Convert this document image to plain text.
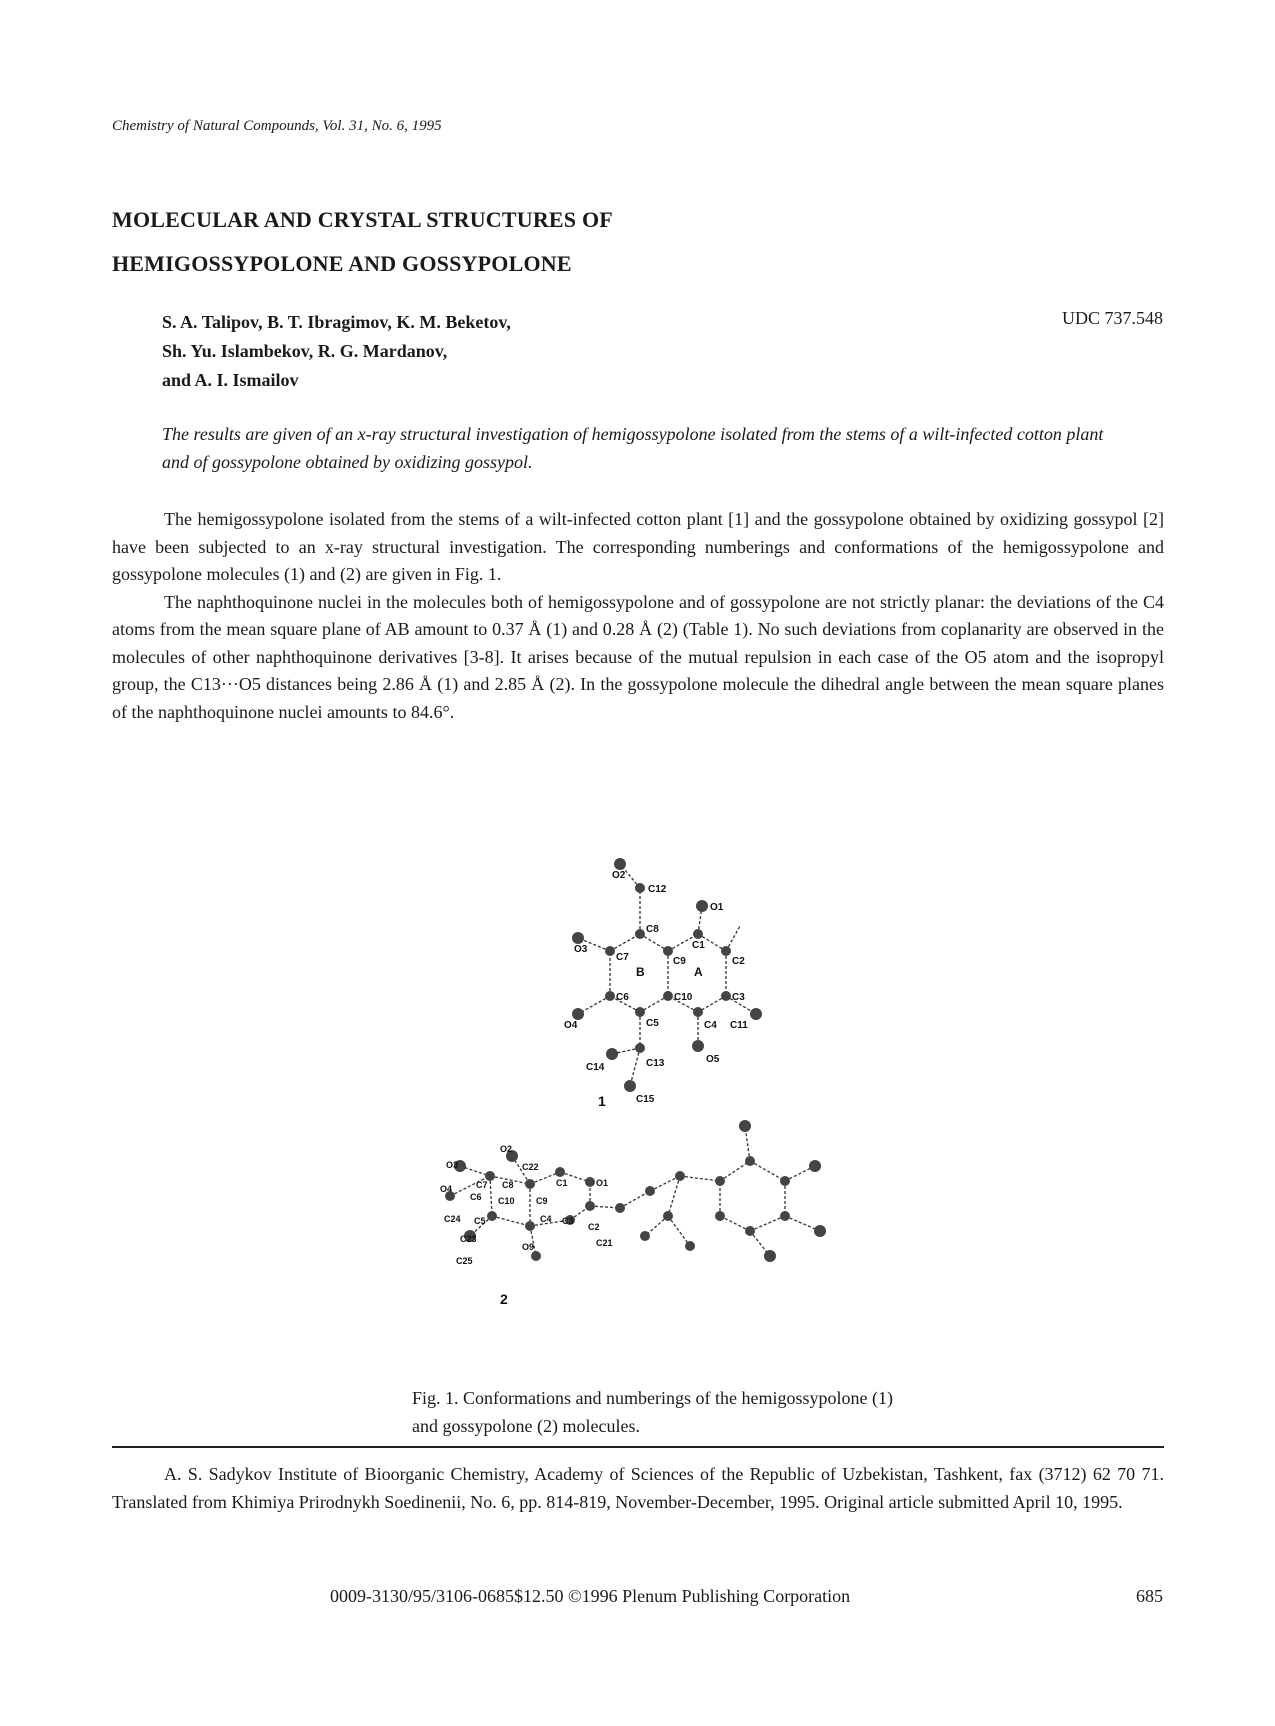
Chemistry of Natural Compounds, Vol. 31, No. 6, 1995
MOLECULAR AND CRYSTAL STRUCTURES OF
HEMIGOSSYPOLONE AND GOSSYPOLONE
S. A. Talipov, B. T. Ibragimov, K. M. Beketov,
Sh. Yu. Islambekov, R. G. Mardanov,
and A. I. Ismailov
UDC 737.548
The results are given of an x-ray structural investigation of hemigossypolone isolated from the stems of a wilt-infected cotton plant and of gossypolone obtained by oxidizing gossypol.

The hemigossypolone isolated from the stems of a wilt-infected cotton plant [1] and the gossypolone obtained by oxidizing gossypol [2] have been subjected to an x-ray structural investigation. The corresponding numberings and conformations of the hemigossypolone and gossypolone molecules (1) and (2) are given in Fig. 1.

The naphthoquinone nuclei in the molecules both of hemigossypolone and of gossypolone are not strictly planar: the deviations of the C4 atoms from the mean square plane of AB amount to 0.37 Å (1) and 0.28 Å (2) (Table 1). No such deviations from coplanarity are observed in the molecules of other naphthoquinone derivatives [3-8]. It arises because of the mutual repulsion in each case of the O5 atom and the isopropyl group, the C13···O5 distances being 2.86 Å (1) and 2.85 Å (2). In the gossypolone molecule the dihedral angle between the mean square planes of the naphthoquinone nuclei amounts to 84.6°.

O2
C12
O1
C8
C1
O3
C7	C9	C2
B	A
C6	C10	C3
O4	C5	C4 C11
C14	C13	O5
C15
1
O2
O3	C22
O4	C7 C8
C6
C1	O1
C10 C9
C24 C5	C4 C3
C2
C23
O9	C21
C25
2
Fig. 1. Conformations and numberings of the hemigossypolone (1) and gossypolone (2) molecules.
A. S. Sadykov Institute of Bioorganic Chemistry, Academy of Sciences of the Republic of Uzbekistan, Tashkent, fax (3712) 62 70 71. Translated from Khimiya Prirodnykh Soedinenii, No. 6, pp. 814-819, November-December, 1995. Original article submitted April 10, 1995.
0009-3130/95/3106-0685$12.50 ©1996 Plenum Publishing Corporation	685
